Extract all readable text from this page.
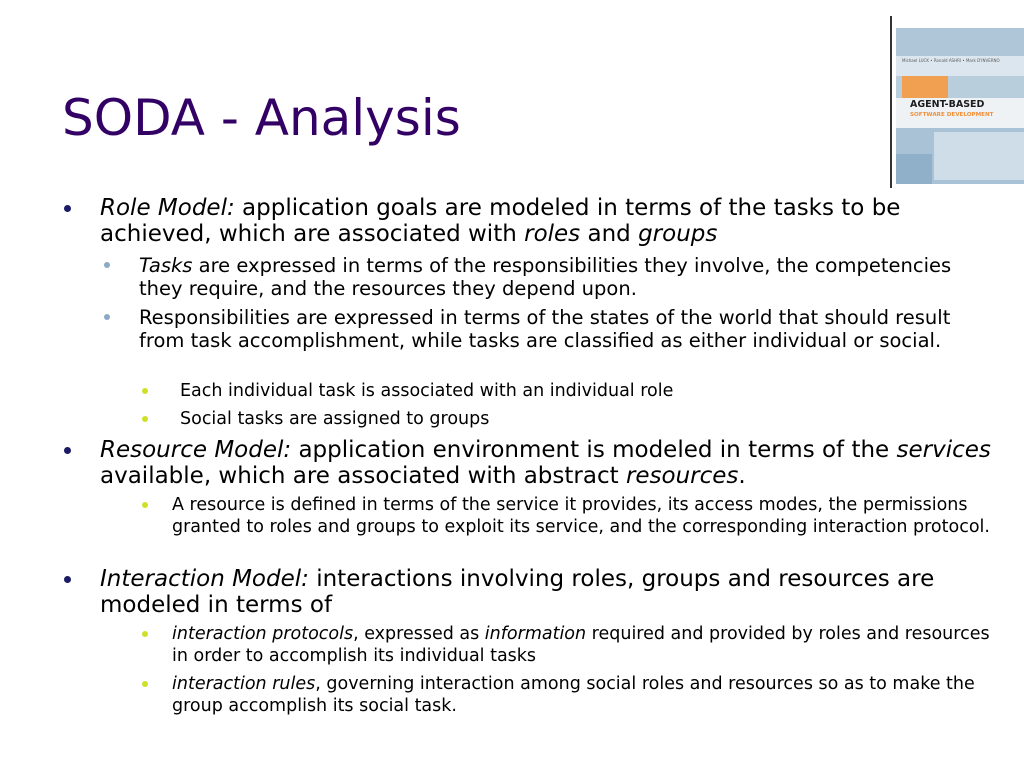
SODA - Analysis
Michael LUCK • Ronald ASHRI • Mark D'INVERNO
AGENT-BASED
SOFTWARE DEVELOPMENT
Role Model: application goals are modeled in terms of the tasks to be achieved, which are associated with roles and groups
Tasks are expressed in terms of the responsibilities they involve, the competencies they require, and the resources they depend upon.
Responsibilities are expressed in terms of the states of the world that should result from task accomplishment, while tasks are classified as either individual or social.
Each individual task is associated with an individual role
Social tasks are assigned to groups
Resource Model: application environment is modeled in terms of the services available, which are associated with abstract resources.
A resource is defined in terms of the service it provides, its access modes, the permissions granted to roles and groups to exploit its service, and the corresponding interaction protocol.
Interaction Model: interactions involving roles, groups and resources are modeled in terms of
interaction protocols, expressed as information required and provided by roles and resources in order to accomplish its individual tasks
interaction rules, governing interaction among social roles and resources so as to make the group accomplish its social task.
